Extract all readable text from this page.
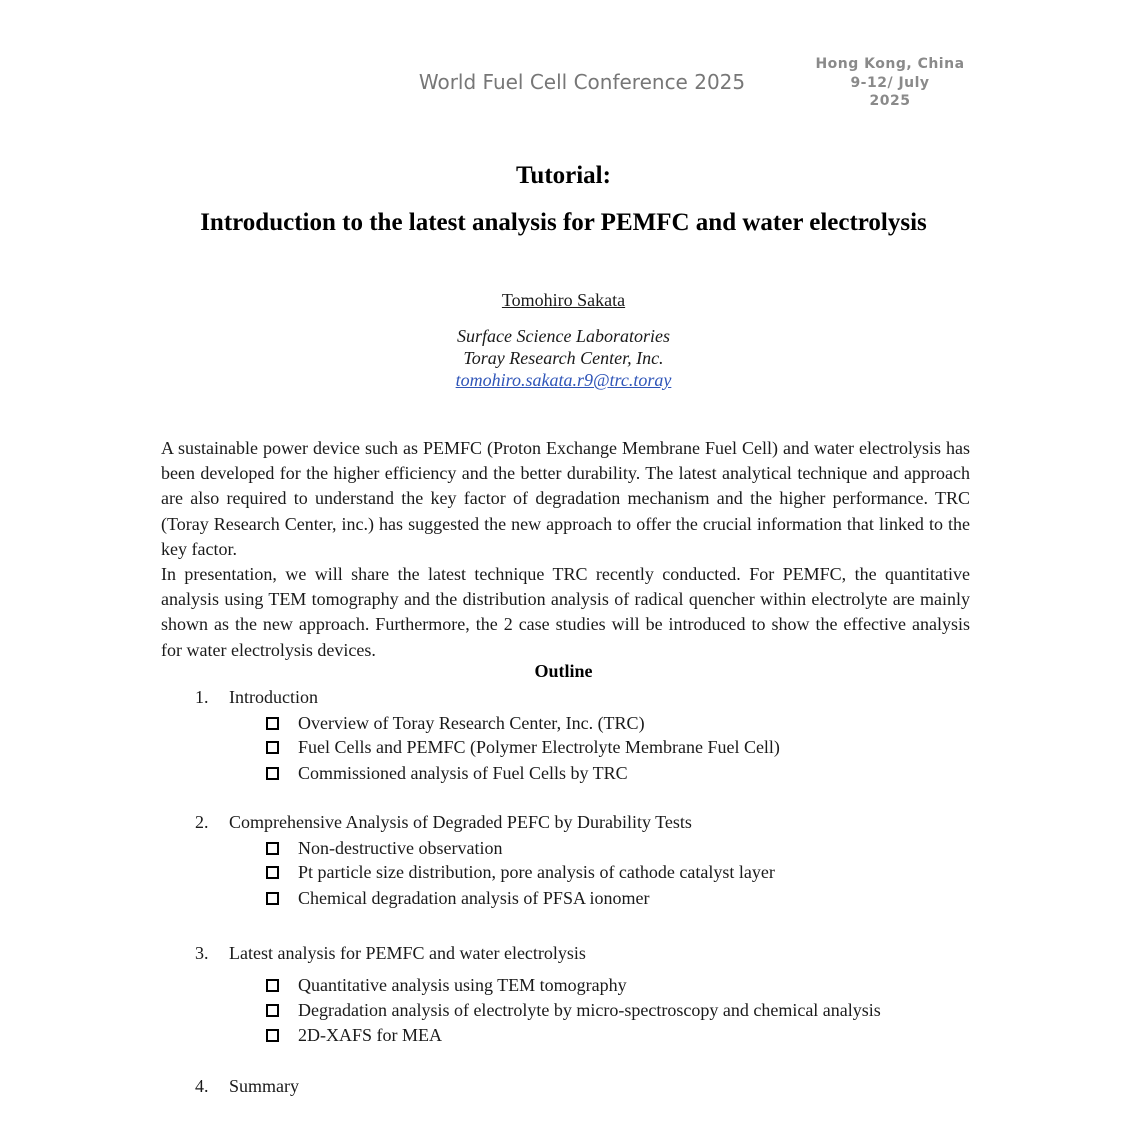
World Fuel Cell Conference 2025
Hong Kong, China
9-12/ July
2025
Tutorial:
Introduction to the latest analysis for PEMFC and water electrolysis
Tomohiro Sakata
Surface Science Laboratories
Toray Research Center, Inc.
tomohiro.sakata.r9@trc.toray

A sustainable power device such as PEMFC (Proton Exchange Membrane Fuel Cell) and water electrolysis has been developed for the higher efficiency and the better durability. The latest analytical technique and approach are also required to understand the key factor of degradation mechanism and the higher performance. TRC (Toray Research Center, inc.) has suggested the new approach to offer the crucial information that linked to the key factor.

In presentation, we will share the latest technique TRC recently conducted. For PEMFC, the quantitative analysis using TEM tomography and the distribution analysis of radical quencher within electrolyte are mainly shown as the new approach. Furthermore, the 2 case studies will be introduced to show the effective analysis for water electrolysis devices.

Outline
1. Introduction
Overview of Toray Research Center, Inc. (TRC)
Fuel Cells and PEMFC (Polymer Electrolyte Membrane Fuel Cell)
Commissioned analysis of Fuel Cells by TRC
2. Comprehensive Analysis of Degraded PEFC by Durability Tests
Non-destructive observation
Pt particle size distribution, pore analysis of cathode catalyst layer
Chemical degradation analysis of PFSA ionomer
3. Latest analysis for PEMFC and water electrolysis
Quantitative analysis using TEM tomography
Degradation analysis of electrolyte by micro-spectroscopy and chemical analysis
2D-XAFS for MEA
4. Summary
